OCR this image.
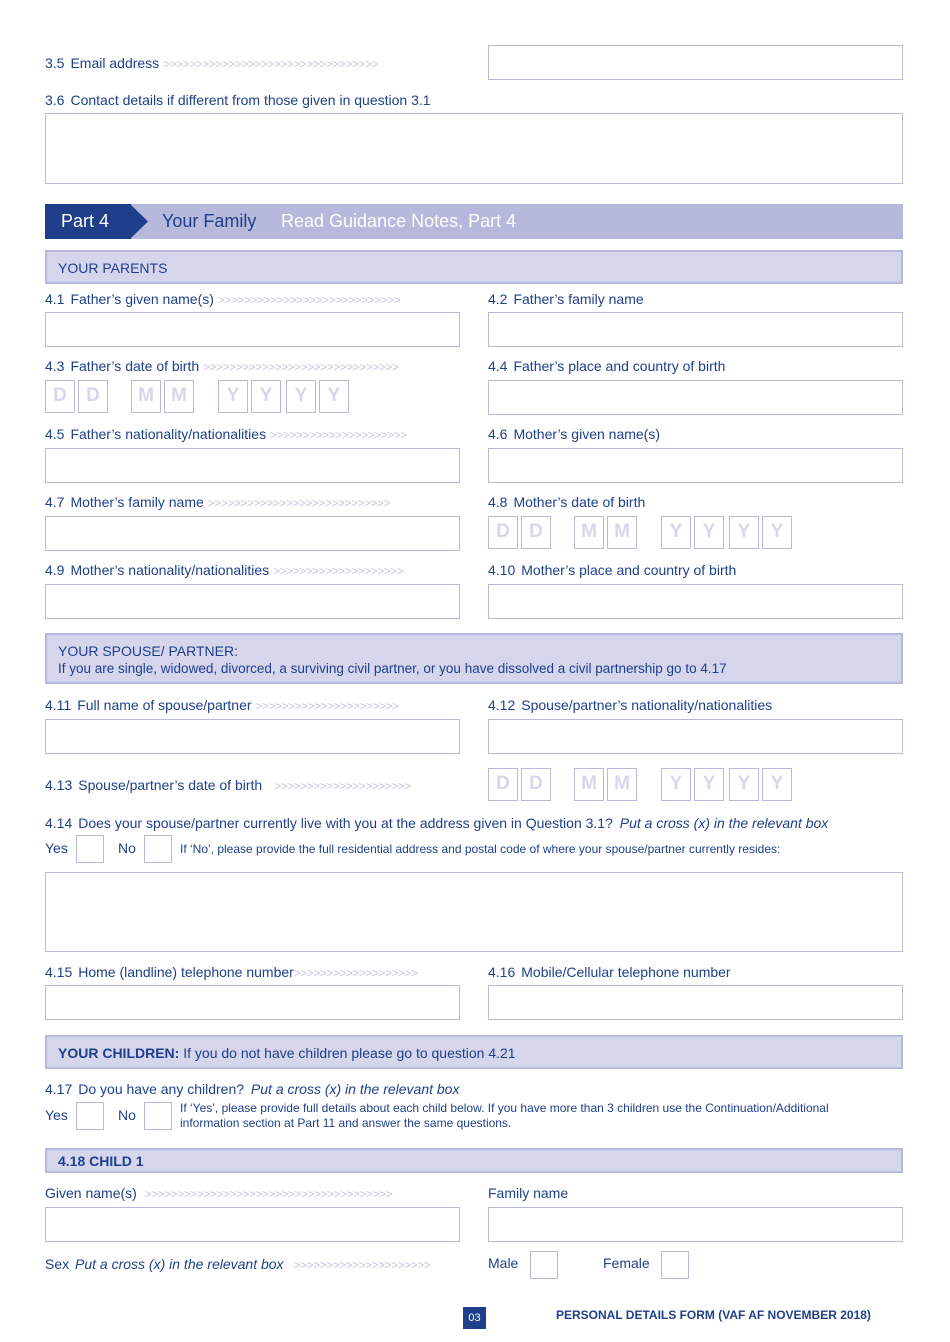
3.5 Email address >>>>>>>>>>>>>>>>>>>>>>>>>>>>>>>>>
3.6 Contact details if different from those given in question 3.1
Part 4	Your Family Read Guidance Notes, Part 4
YOUR PARENTS
4.1 Father’s given name(s) >>>>>>>>>>>>>>>>>>>>>>>>>>>>	4.2 Father’s family name
4.3 Father’s date of birth >>>>>>>>>>>>>>>>>>>>>>>>>>>>>>	4.4 Father’s place and country of birth
D	D	M M	Y	Y	Y	Y
4.5 Father’s nationality/nationalities >>>>>>>>>>>>>>>>>>>>>	4.6 Mother’s given name(s)
4.7 Mother’s family name >>>>>>>>>>>>>>>>>>>>>>>>>>>>	4.8 Mother’s date of birth
D	D	M M	Y	Y	Y	Y
4.9 Mother’s nationality/nationalities >>>>>>>>>>>>>>>>>>>>	4.10 Mother’s place and country of birth
YOUR SPOUSE/ PARTNER:
If you are single, widowed, divorced, a surviving civil partner, or you have dissolved a civil partnership go to 4.17
4.11 Full name of spouse/partner >>>>>>>>>>>>>>>>>>>>>>	4.12 Spouse/partner’s nationality/nationalities
4.13 Spouse/partner’s date of birth >>>>>>>>>>>>>>>>>>>>>	D	D	M M	Y	Y	Y	Y
4.14 Does your spouse/partner currently live with you at the address given in Question 3.1? Put a cross (x) in the relevant box
Yes	No	If ‘No’, please provide the full residential address and postal code of where your spouse/partner currently resides:
4.15 Home (landline) telephone number>>>>>>>>>>>>>>>>>>>	4.16 Mobile/Cellular telephone number
YOUR CHILDREN: If you do not have children please go to question 4.21
4.17 Do you have any children? Put a cross (x) in the relevant box
Yes	No	If ‘Yes’, please provide full details about each child below. If you have more than 3 children use the Continuation/Additional
information section at Part 11 and answer the same questions.
4.18 CHILD 1
Given name(s) >>>>>>>>>>>>>>>>>>>>>>>>>>>>>>>>>>>>>>	Family name
Sex Put a cross (x) in the relevant box >>>>>>>>>>>>>>>>>>>>>	Male	Female
03	PERSONAL DETAILS FORM (VAF AF NOVEMBER 2018)
